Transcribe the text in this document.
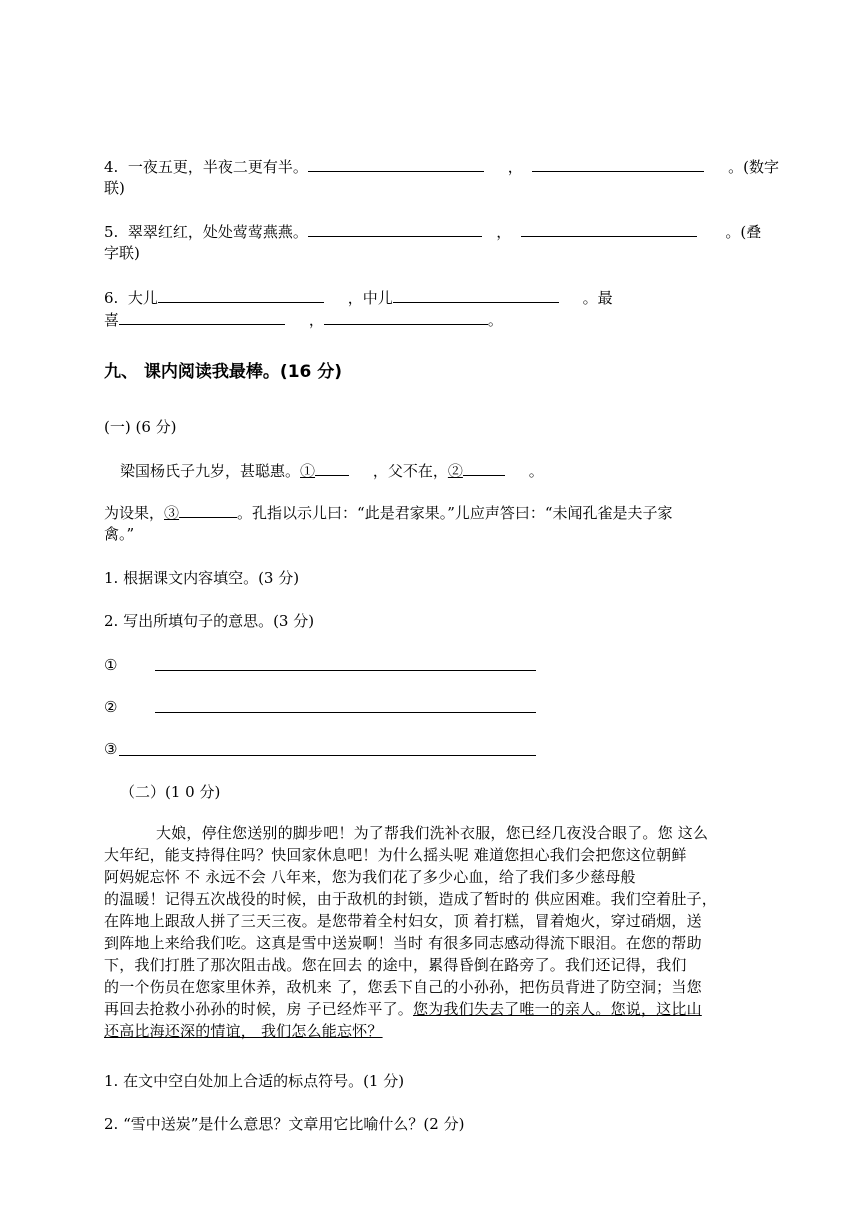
4. 一夜五更，半夜二更有半。	，	。(数字
联)
5. 翠翠红红，处处莺莺燕燕。	，	。(叠
字联)
6. 大儿	，中儿	。最
喜	，	。
九、 课内阅读我最棒。(16 分)
(一) (6 分)
梁国杨氏子九岁，甚聪惠。①	，父不在，②	。
为设果，③	。孔指以示儿曰：“此是君家果。”儿应声答曰：“未闻孔雀是夫子家
禽。”
1. 根据课文内容填空。(3 分)
2. 写出所填句子的意思。(3 分)
①
②
③
（二）(1 0 分)
大娘，停住您送别的脚步吧！为了帮我们洗补衣服，您已经几夜没合眼了。您 这么
大年纪，能支持得住吗？快回家休息吧！为什么摇头呢 难道您担心我们会把您这位朝鲜
阿妈妮忘怀 不 永远不会 八年来，您为我们花了多少心血，给了我们多少慈母般
的温暖！记得五次战役的时候，由于敌机的封锁，造成了暂时的 供应困难。我们空着肚子，
在阵地上跟敌人拼了三天三夜。是您带着全村妇女，顶 着打糕，冒着炮火，穿过硝烟，送
到阵地上来给我们吃。这真是雪中送炭啊！当时 有很多同志感动得流下眼泪。在您的帮助
下，我们打胜了那次阻击战。您在回去 的途中，累得昏倒在路旁了。我们还记得，我们
的一个伤员在您家里休养，敌机来 了，您丢下自己的小孙孙，把伤员背进了防空洞；当您
再回去抢救小孙孙的时候，房 子已经炸平了。您为我们失去了唯一的亲人。您说，这比山
还高比海还深的情谊， 我们怎么能忘怀？
1. 在文中空白处加上合适的标点符号。(1 分)
2. “雪中送炭”是什么意思？文章用它比喻什么？(2 分)
